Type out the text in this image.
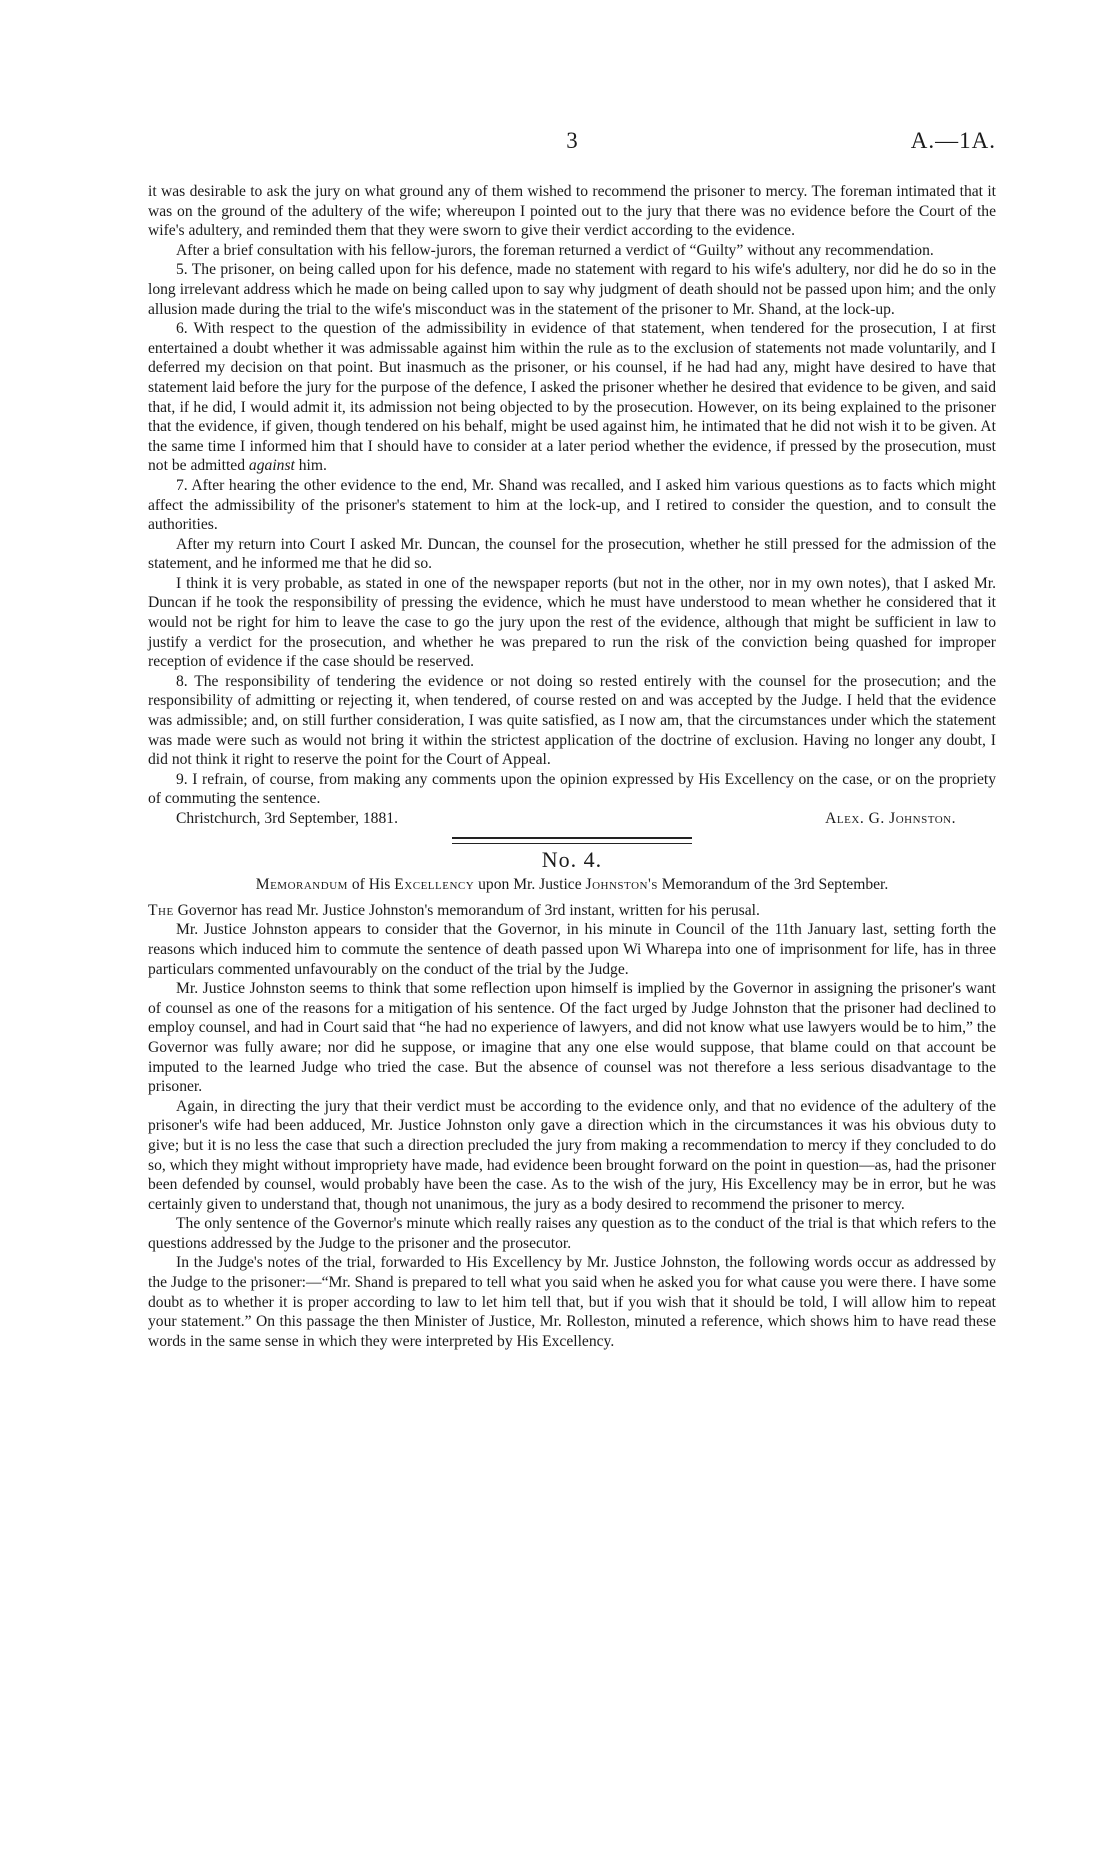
3	A.—1A.

it was desirable to ask the jury on what ground any of them wished to recommend the prisoner to mercy. The foreman intimated that it was on the ground of the adultery of the wife; whereupon I pointed out to the jury that there was no evidence before the Court of the wife's adultery, and reminded them that they were sworn to give their verdict according to the evidence.

After a brief consultation with his fellow-jurors, the foreman returned a verdict of “Guilty” without any recommendation.

5. The prisoner, on being called upon for his defence, made no statement with regard to his wife's adultery, nor did he do so in the long irrelevant address which he made on being called upon to say why judgment of death should not be passed upon him; and the only allusion made during the trial to the wife's misconduct was in the statement of the prisoner to Mr. Shand, at the lock-up.

6. With respect to the question of the admissibility in evidence of that statement, when tendered for the prosecution, I at first entertained a doubt whether it was admissable against him within the rule as to the exclusion of statements not made voluntarily, and I deferred my decision on that point. But inasmuch as the prisoner, or his counsel, if he had had any, might have desired to have that statement laid before the jury for the purpose of the defence, I asked the prisoner whether he desired that evidence to be given, and said that, if he did, I would admit it, its admission not being objected to by the prosecution. However, on its being explained to the prisoner that the evidence, if given, though tendered on his behalf, might be used against him, he intimated that he did not wish it to be given. At the same time I informed him that I should have to consider at a later period whether the evidence, if pressed by the prosecution, must not be admitted against him.

7. After hearing the other evidence to the end, Mr. Shand was recalled, and I asked him various questions as to facts which might affect the admissibility of the prisoner's statement to him at the lock-up, and I retired to consider the question, and to consult the authorities.

After my return into Court I asked Mr. Duncan, the counsel for the prosecution, whether he still pressed for the admission of the statement, and he informed me that he did so.

I think it is very probable, as stated in one of the newspaper reports (but not in the other, nor in my own notes), that I asked Mr. Duncan if he took the responsibility of pressing the evidence, which he must have understood to mean whether he considered that it would not be right for him to leave the case to go the jury upon the rest of the evidence, although that might be sufficient in law to justify a verdict for the prosecution, and whether he was prepared to run the risk of the conviction being quashed for improper reception of evidence if the case should be reserved.

8. The responsibility of tendering the evidence or not doing so rested entirely with the counsel for the prosecution; and the responsibility of admitting or rejecting it, when tendered, of course rested on and was accepted by the Judge. I held that the evidence was admissible; and, on still further consideration, I was quite satisfied, as I now am, that the circumstances under which the statement was made were such as would not bring it within the strictest application of the doctrine of exclusion. Having no longer any doubt, I did not think it right to reserve the point for the Court of Appeal.

9. I refrain, of course, from making any comments upon the opinion expressed by His Excellency on the case, or on the propriety of commuting the sentence.

Christchurch, 3rd September, 1881.	Alex. G. Johnston.
No. 4.
Memorandum of His Excellency upon Mr. Justice Johnston's Memorandum of the 3rd September.

The Governor has read Mr. Justice Johnston's memorandum of 3rd instant, written for his perusal.

Mr. Justice Johnston appears to consider that the Governor, in his minute in Council of the 11th January last, setting forth the reasons which induced him to commute the sentence of death passed upon Wi Wharepa into one of imprisonment for life, has in three particulars commented unfavourably on the conduct of the trial by the Judge.

Mr. Justice Johnston seems to think that some reflection upon himself is implied by the Governor in assigning the prisoner's want of counsel as one of the reasons for a mitigation of his sentence. Of the fact urged by Judge Johnston that the prisoner had declined to employ counsel, and had in Court said that “he had no experience of lawyers, and did not know what use lawyers would be to him,” the Governor was fully aware; nor did he suppose, or imagine that any one else would suppose, that blame could on that account be imputed to the learned Judge who tried the case. But the absence of counsel was not therefore a less serious disadvantage to the prisoner.

Again, in directing the jury that their verdict must be according to the evidence only, and that no evidence of the adultery of the prisoner's wife had been adduced, Mr. Justice Johnston only gave a direction which in the circumstances it was his obvious duty to give; but it is no less the case that such a direction precluded the jury from making a recommendation to mercy if they concluded to do so, which they might without impropriety have made, had evidence been brought forward on the point in question—as, had the prisoner been defended by counsel, would probably have been the case. As to the wish of the jury, His Excellency may be in error, but he was certainly given to understand that, though not unanimous, the jury as a body desired to recommend the prisoner to mercy.

The only sentence of the Governor's minute which really raises any question as to the conduct of the trial is that which refers to the questions addressed by the Judge to the prisoner and the prosecutor.

In the Judge's notes of the trial, forwarded to His Excellency by Mr. Justice Johnston, the following words occur as addressed by the Judge to the prisoner:—“Mr. Shand is prepared to tell what you said when he asked you for what cause you were there. I have some doubt as to whether it is proper according to law to let him tell that, but if you wish that it should be told, I will allow him to repeat your statement.” On this passage the then Minister of Justice, Mr. Rolleston, minuted a reference, which shows him to have read these words in the same sense in which they were interpreted by His Excellency.
